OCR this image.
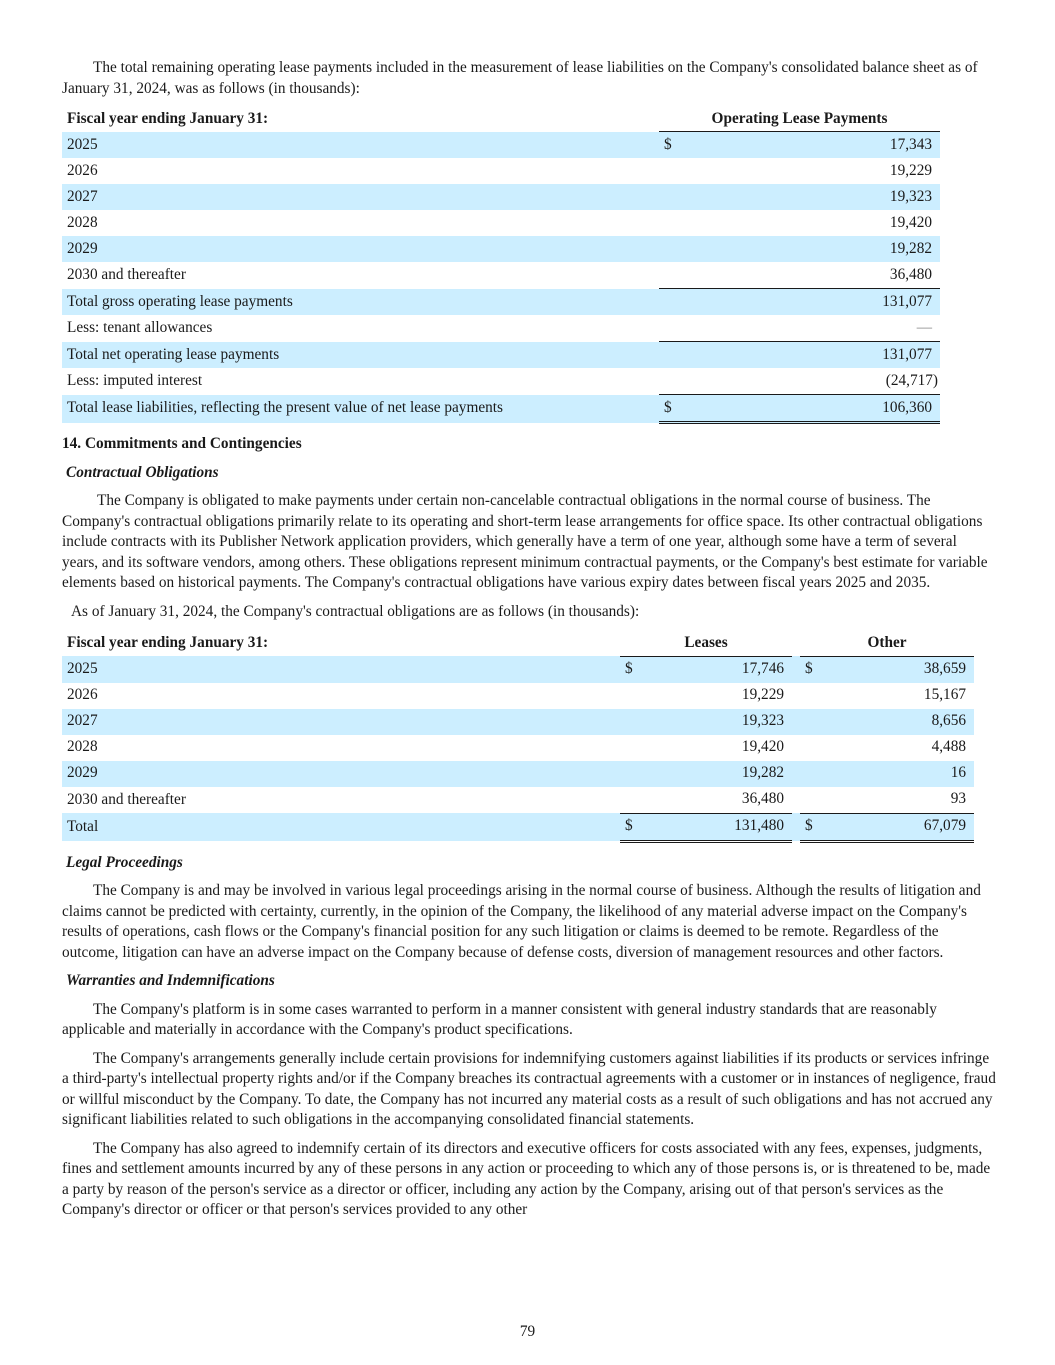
The total remaining operating lease payments included in the measurement of lease liabilities on the Company's consolidated balance sheet as of January 31, 2024, was as follows (in thousands):

Fiscal year ending January 31:	Operating Lease Payments	
2025	$	17,343
2026		19,229
2027		19,323
2028		19,420
2029		19,282
2030 and thereafter		36,480
Total gross operating lease payments		131,077
Less: tenant allowances		—
Total net operating lease payments		131,077
Less: imputed interest		(24,717)
Total lease liabilities, reflecting the present value of net lease payments	$	106,360

14. Commitments and Contingencies

Contractual Obligations

The Company is obligated to make payments under certain non-cancelable contractual obligations in the normal course of business. The Company's contractual obligations primarily relate to its operating and short-term lease arrangements for office space. Its other contractual obligations include contracts with its Publisher Network application providers, which generally have a term of one year, although some have a term of several years, and its software vendors, among others. These obligations represent minimum contractual payments, or the Company's best estimate for variable elements based on historical payments. The Company's contractual obligations have various expiry dates between fiscal years 2025 and 2035.

As of January 31, 2024, the Company's contractual obligations are as follows (in thousands):

Fiscal year ending January 31:	Leases			Other	
2025	$	17,746		$	38,659
2026		19,229			15,167
2027		19,323			8,656
2028		19,420			4,488
2029		19,282			16
2030 and thereafter		36,480			93
Total	$	131,480		$	67,079

Legal Proceedings

The Company is and may be involved in various legal proceedings arising in the normal course of business. Although the results of litigation and claims cannot be predicted with certainty, currently, in the opinion of the Company, the likelihood of any material adverse impact on the Company's results of operations, cash flows or the Company's financial position for any such litigation or claims is deemed to be remote. Regardless of the outcome, litigation can have an adverse impact on the Company because of defense costs, diversion of management resources and other factors.

Warranties and Indemnifications

The Company's platform is in some cases warranted to perform in a manner consistent with general industry standards that are reasonably applicable and materially in accordance with the Company's product specifications.

The Company's arrangements generally include certain provisions for indemnifying customers against liabilities if its products or services infringe a third-party's intellectual property rights and/or if the Company breaches its contractual agreements with a customer or in instances of negligence, fraud or willful misconduct by the Company. To date, the Company has not incurred any material costs as a result of such obligations and has not accrued any significant liabilities related to such obligations in the accompanying consolidated financial statements.

The Company has also agreed to indemnify certain of its directors and executive officers for costs associated with any fees, expenses, judgments, fines and settlement amounts incurred by any of these persons in any action or proceeding to which any of those persons is, or is threatened to be, made a party by reason of the person's service as a director or officer, including any action by the Company, arising out of that person's services as the Company's director or officer or that person's services provided to any other

79
